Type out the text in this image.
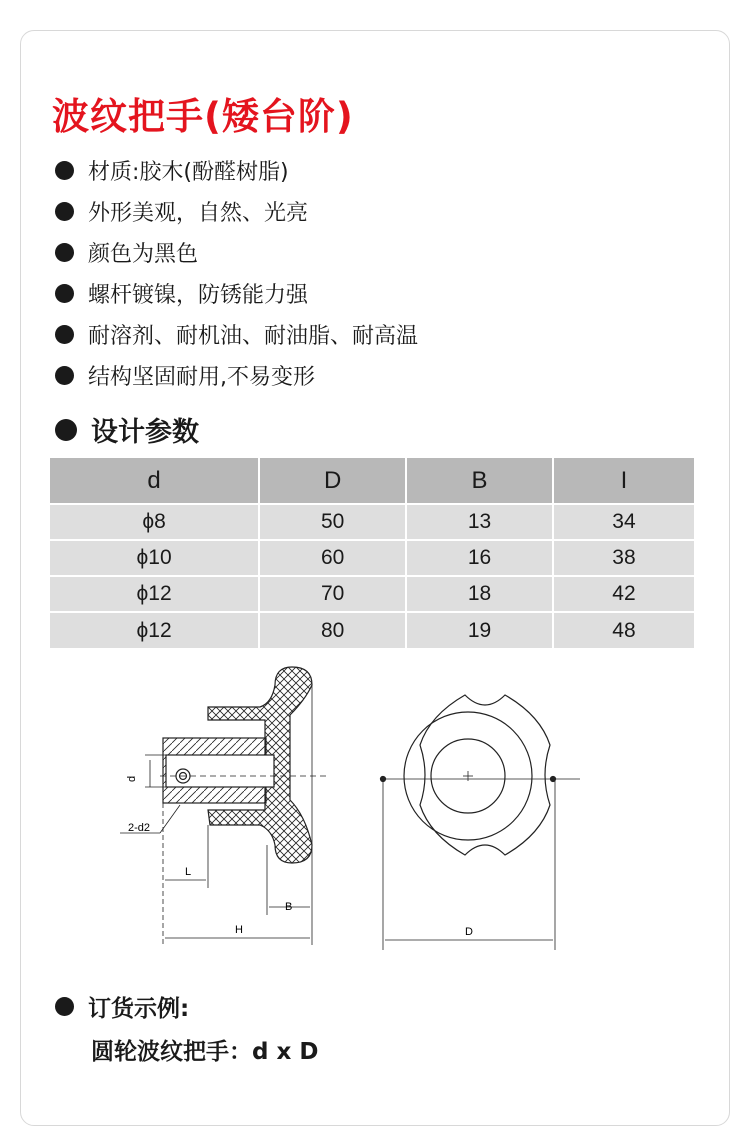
波纹把手(矮台阶)
材质:胶木(酚醛树脂)
外形美观，自然、光亮
颜色为黑色
螺杆镀镍，防锈能力强
耐溶剂、耐机油、耐油脂、耐高温
结构坚固耐用,不易变形
设计参数
d	D	B	I
ϕ8	50	13	34
ϕ10	60	16	38
ϕ12	70	18	42
ϕ12	80	19	48
d
2-d2
L
B
H	D
订货示例:
圆轮波纹把手：d x D
